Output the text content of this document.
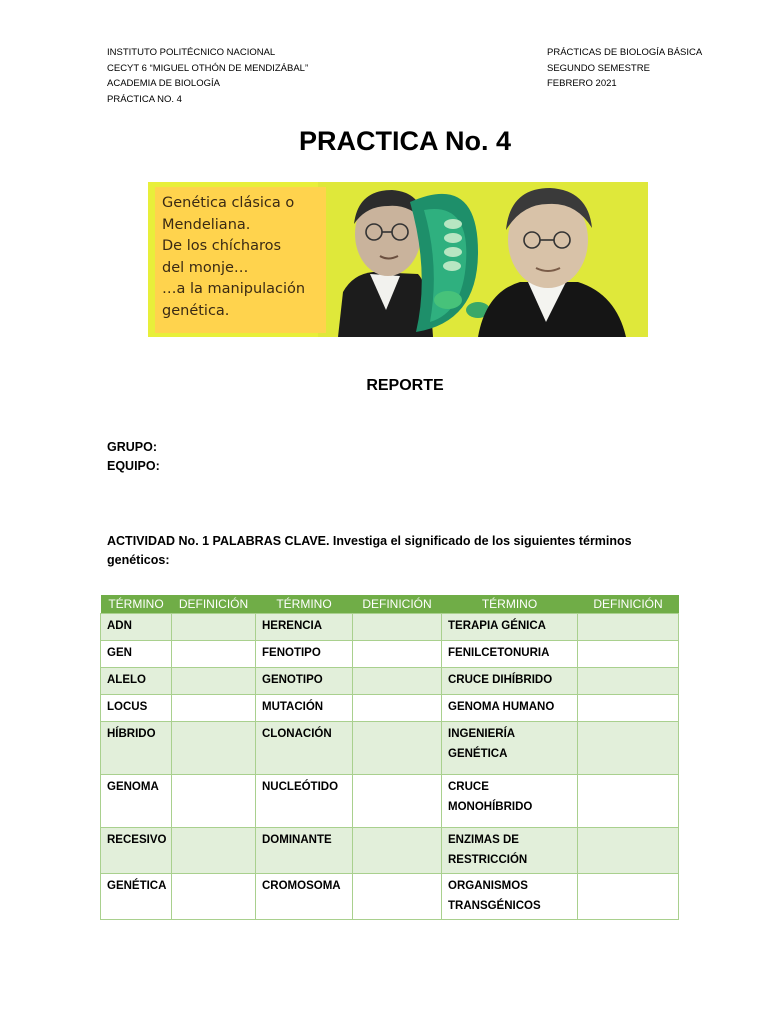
INSTITUTO POLITÉCNICO NACIONAL
CECYT 6 “MIGUEL OTHÓN DE MENDIZÁBAL”
ACADEMIA DE BIOLOGÍA
PRÁCTICA NO. 4
PRÁCTICAS DE BIOLOGÍA BÁSICA
SEGUNDO SEMESTRE
FEBRERO 2021
PRACTICA No. 4
Genética clásica o
Mendeliana.
De los chícharos
del monje…
…a la manipulación
genética.
REPORTE
GRUPO:
EQUIPO:
ACTIVIDAD No. 1 PALABRAS CLAVE. Investiga el significado de los siguientes términos genéticos:
TÉRMINO	DEFINICIÓN	TÉRMINO	DEFINICIÓN	TÉRMINO	DEFINICIÓN
ADN		HERENCIA		TERAPIA GÉNICA	
GEN		FENOTIPO		FENILCETONURIA	
ALELO		GENOTIPO		CRUCE DIHÍBRIDO	
LOCUS		MUTACIÓN		GENOMA HUMANO	
HÍBRIDO		CLONACIÓN		INGENIERÍA GENÉTICA	
GENOMA		NUCLEÓTIDO		CRUCE MONOHÍBRIDO	
RECESIVO		DOMINANTE		ENZIMAS DE RESTRICCIÓN	
GENÉTICA		CROMOSOMA		ORGANISMOS TRANSGÉNICOS	
